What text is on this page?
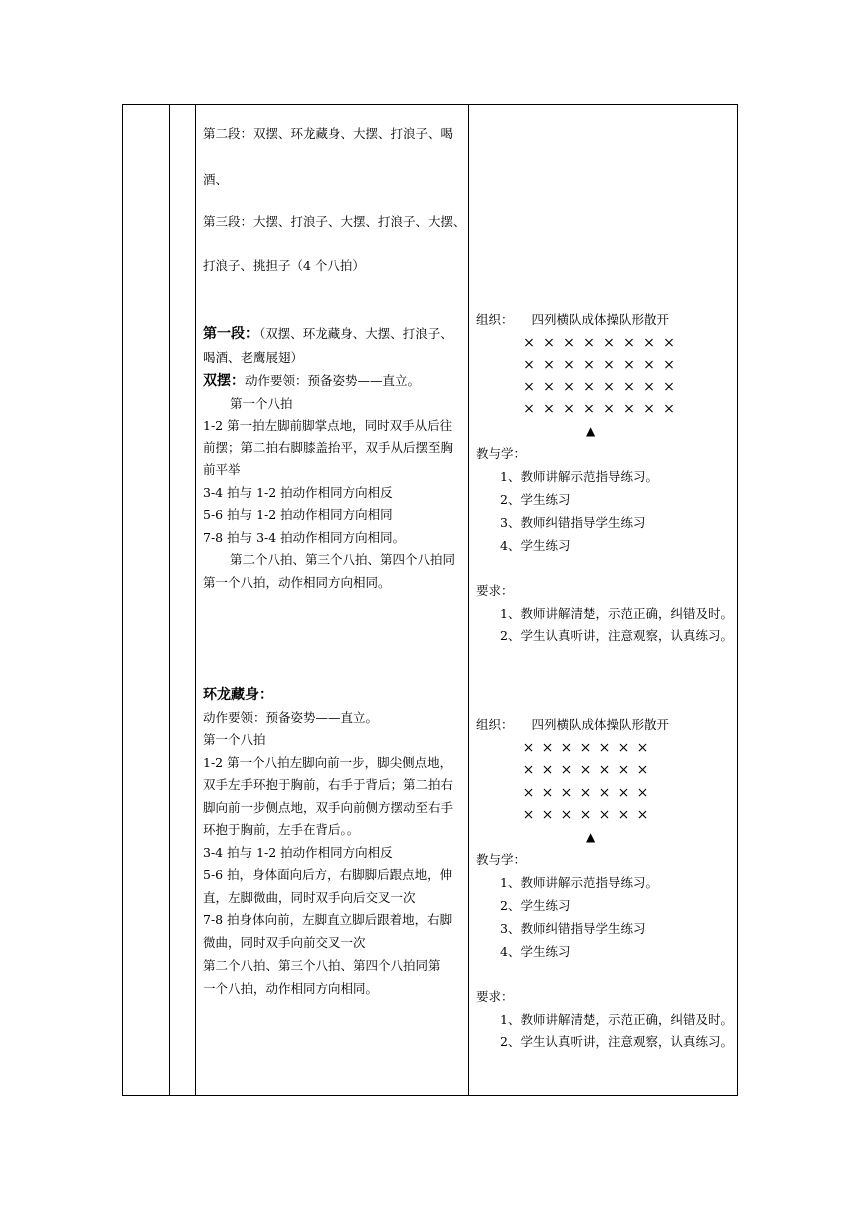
第二段：双摆、环龙藏身、大摆、打浪子、喝
酒、
第三段：大摆、打浪子、大摆、打浪子、大摆、
打浪子、挑担子（4 个八拍）
第一段：（双摆、环龙藏身、大摆、打浪子、
喝酒、老鹰展翅）
双摆：动作要领：预备姿势——直立。
第一个八拍
1-2 第一拍左脚前脚掌点地，同时双手从后往
前摆；第二拍右脚膝盖抬平，双手从后摆至胸
前平举
3-4 拍与 1-2 拍动作相同方向相反
5-6 拍与 1-2 拍动作相同方向相同
7-8 拍与 3-4 拍动作相同方向相同。
第二个八拍、第三个八拍、第四个八拍同
第一个八拍，动作相同方向相同。
环龙藏身：
动作要领：预备姿势——直立。
第一个八拍
1-2 第一个八拍左脚向前一步，脚尖侧点地，
双手左手环抱于胸前，右手于背后；第二拍右
脚向前一步侧点地，双手向前侧方摆动至右手
环抱于胸前，左手在背后。。
3-4 拍与 1-2 拍动作相同方向相反
5-6 拍，身体面向后方，右脚脚后跟点地，伸
直，左脚微曲，同时双手向后交叉一次
7-8 拍身体向前，左脚直立脚后跟着地，右脚
微曲，同时双手向前交叉一次
第二个八拍、第三个八拍、第四个八拍同第
一个八拍，动作相同方向相同。
组织： 四列横队成体操队形散开
× × × × × × × ×
× × × × × × × ×
× × × × × × × ×
× × × × × × × ×
▲
教与学：
1、教师讲解示范指导练习。
2、学生练习
3、教师纠错指导学生练习
4、学生练习
要求：
1、教师讲解清楚，示范正确，纠错及时。
2、学生认真听讲，注意观察，认真练习。
组织： 四列横队成体操队形散开
× × × × × × ×
× × × × × × ×
× × × × × × ×
× × × × × × ×
▲
教与学：
1、教师讲解示范指导练习。
2、学生练习
3、教师纠错指导学生练习
4、学生练习
要求：
1、教师讲解清楚，示范正确，纠错及时。
2、学生认真听讲，注意观察，认真练习。
